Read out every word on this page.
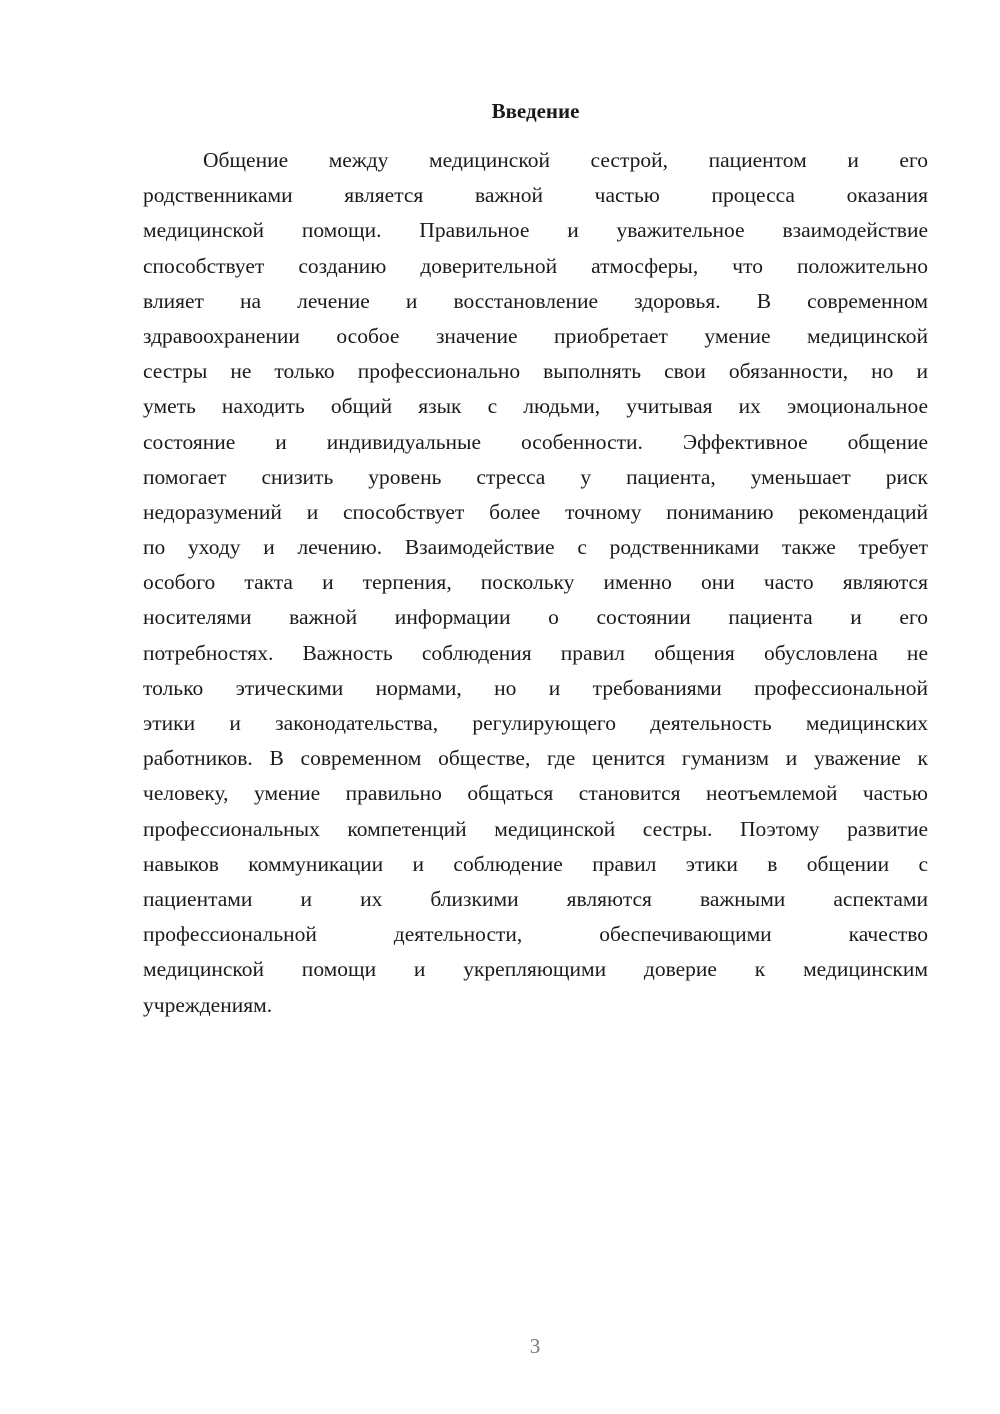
Введение
Общение между медицинской сестрой, пациентом и его
родственниками является важной частью процесса оказания
медицинской помощи. Правильное и уважительное взаимодействие
способствует созданию доверительной атмосферы, что положительно
влияет на лечение и восстановление здоровья. В современном
здравоохранении особое значение приобретает умение медицинской
сестры не только профессионально выполнять свои обязанности, но и
уметь находить общий язык с людьми, учитывая их эмоциональное
состояние и индивидуальные особенности. Эффективное общение
помогает снизить уровень стресса у пациента, уменьшает риск
недоразумений и способствует более точному пониманию рекомендаций
по уходу и лечению. Взаимодействие с родственниками также требует
особого такта и терпения, поскольку именно они часто являются
носителями важной информации о состоянии пациента и его
потребностях. Важность соблюдения правил общения обусловлена не
только этическими нормами, но и требованиями профессиональной
этики и законодательства, регулирующего деятельность медицинских
работников. В современном обществе, где ценится гуманизм и уважение к
человеку, умение правильно общаться становится неотъемлемой частью
профессиональных компетенций медицинской сестры. Поэтому развитие
навыков коммуникации и соблюдение правил этики в общении с
пациентами и их близкими являются важными аспектами
профессиональной деятельности, обеспечивающими качество
медицинской помощи и укрепляющими доверие к медицинским
учреждениям.
3
